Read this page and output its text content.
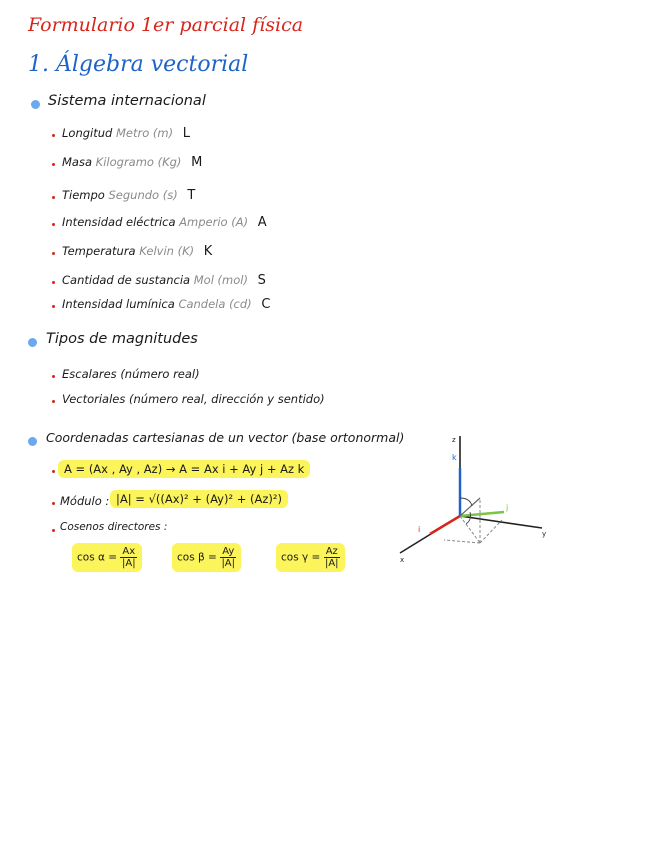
Formulario 1er parcial física
1. Álgebra vectorial
Sistema internacional
Longitud Metro (m) L
Masa Kilogramo (Kg) M
Tiempo Segundo (s) T
Intensidad eléctrica Amperio (A) A
Temperatura Kelvin (K) K
Cantidad de sustancia Mol (mol) S
Intensidad lumínica Candela (cd) C
Tipos de magnitudes
Escalares (número real)
Vectoriales (número real, dirección y sentido)
Coordenadas cartesianas de un vector (base ortonormal)
A = (Ax , Ay , Az) → A = Ax i + Ay j + Az k
Módulo : |A| = √((Ax)² + (Ay)² + (Az)²)
Cosenos directores :
$\cos \alpha = \frac{Ax}{|A|}$	$\cos \beta = \frac{Ay}{|A|}$	$\cos \gamma = \frac{Az}{|A|}$
z
y
x
k
j
i
